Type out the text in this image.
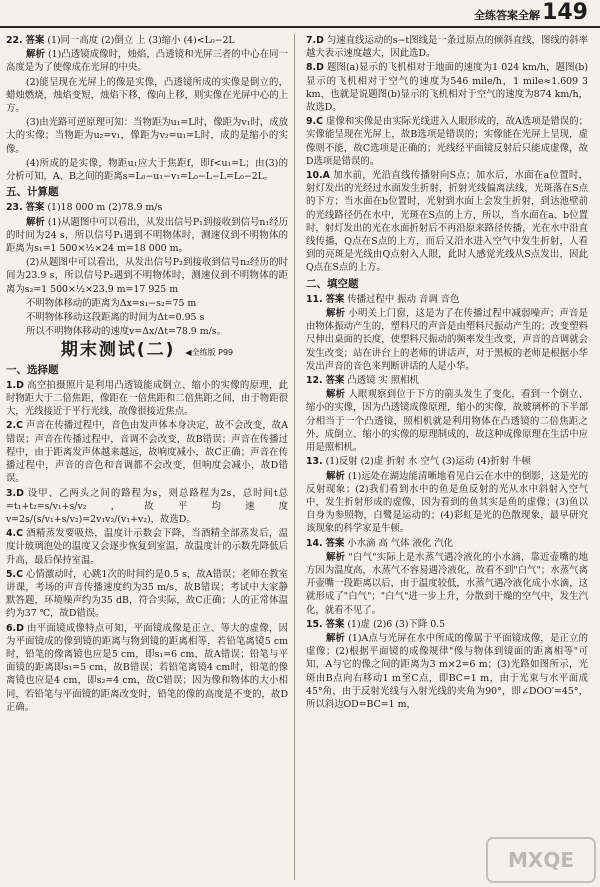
全练答案全解 149

22. 答案 (1)同一高度 (2)倒立 上 (3)缩小 (4)<L₀−2L

解析 (1)凸透镜成像时，烛焰，凸透镜和光屏三者的中心在同一高度是为了使像成在光屏的中央。

(2)能呈现在光屏上的像是实像，凸透镜所成的实像是倒立的，蜡烛燃烧，烛焰变短，烛焰下移，像向上移，则实像在光屏中心的上方。

(3)由光路可逆原理可知：当物距为u₁=L时，像距为v₁时，成放大的实像；当物距为u₂=v₁，像距为v₂=u₁=L时，成的是缩小的实像。

(4)所成的是实像，物距u₁应大于焦距f，即f<u₁=L；由(3)的分析可知，A、B之间的距离s=L₀−u₁−v₁=L₀−L−L=L₀−2L。

五、计算题

23. 答案 (1)18 000 m (2)78.9 m/s

解析 (1)从题图中可以看出，从发出信号P₁到接收到信号n₁经历的时间为24 s，所以信号P₁遇到不明物体时，测速仪到不明物体的距离为s₁=1 500×½×24 m=18 000 m。

(2)从题图中可以看出，从发出信号P₂到接收到信号n₂经历的时间为23.9 s，所以信号P₂遇到不明物体时，测速仪到不明物体的距离为s₂=1 500×½×23.9 m=17 925 m

不明物体移动的距离为Δx=s₁−s₂=75 m

不明物体移动这段距离的时间为Δt=0.95 s

所以不明物体移动的速度v=Δx/Δt=78.9 m/s。

期末测试(二) ◀全练版 P99
一、选择题

1.D 高空拍摄照片是利用凸透镜能成倒立、缩小的实像的原理，此时物距大于二倍焦距，像距在一倍焦距和二倍焦距之间，由于物距很大，光线接近于平行光线，故像很接近焦点。

2.C 声音在传播过程中，音色由发声体本身决定，故不会改变，故A错误；声音在传播过程中，音调不会改变，故B错误；声音在传播过程中，由于距离发声体越来越远，故响度减小，故C正确；声音在传播过程中，声音的音色和音调都不会改变，但响度会减小，故D错误。

3.D 设甲、乙两头之间的路程为s，则总路程为2s，总时间t总=t₁+t₂=s/v₁+s/v₂，故平均速度v=2s/(s/v₁+s/v₂)=2v₁v₂/(v₁+v₂)，故选D。

4.C 酒精蒸发要吸热，温度计示数会下降，当酒精全部蒸发后，温度计玻璃泡处的温度又会逐步恢复到室温，故温度计的示数先降低后升高，最后保持室温。

5.C 心情激动时，心跳1次的时间约是0.5 s，故A错误；老师在教室讲课，考场的声音传播速度约为35 m/s，故B错误；考试中大家静默答题，环境噪声约为35 dB，符合实际，故C正确；人的正常体温约为37 ℃，故D错误。

6.D 由平面镜成像特点可知，平面镜成像是正立、等大的虚像，因为平面镜成的像到镜的距离与物到镜的距离相等，若铅笔离镜5 cm时，铅笔的像离镜也应是5 cm，即s₁=6 cm，故A错误；铅笔与平面镜的距离即s₁=5 cm，故B错误；若铅笔离镜4 cm时，铅笔的像离镜也应是4 cm，即s₂=4 cm，故C错误；因为像和物体的大小相同，若铅笔与平面镜的距离改变时，铅笔的像的高度是不变的，故D正确。

7.D 匀速直线运动的s−t图线是一条过原点的倾斜直线，图线的斜率越大表示速度越大，因此选D。

8.D 题图(a)显示的飞机相对于地面的速度为1 024 km/h，题图(b)显示的飞机相对于空气的速度为546 mile/h，1 mile≈1.609 3 km，也就是说题图(b)显示的飞机相对于空气的速度为874 km/h，故选D。

9.C 虚像和实像是由实际光线进入人眼形成的，故A选项是错误的；实像能呈现在光屏上，故B选项是错误的；实像能在光屏上呈现，虚像则不能，故C选项是正确的；光线经平面镜反射后只能成虚像，故D选项是错误的。

10.A 加水前，光沿直线传播射向S点；加水后，水面在a位置时，射灯发出的光经过水面发生折射，折射光线偏离法线，光斑落在S点的下方；当水面在b位置时，光射到水面上会发生折射，到达池壁前的光线路径仍在水中，光斑在S点的上方，所以，当水面在a、b位置时，射灯发出的光在水面折射后不再沿原来路径传播，光在水中沿直线传播，Q点在S点的上方，而后又沿水进入空气中发生折射，人看到的亮斑是光线由Q点射入人眼，此时人感觉光线从S点发出，因此Q点在S点的上方。

二、填空题

11. 答案 传播过程中 振动 音调 音色

解析 小明关上门窗，这是为了在传播过程中减弱噪声；声音是由物体振动产生的，塑料尺的声音是由塑料尺振动产生的；改变塑料尺伸出桌面的长度，使塑料尺振动的频率发生改变，声音的音调就会发生改变；站在讲台上的老师的讲话声，对于黑板的老师是根据小华发出声音的音色来判断讲话的人是小华。

12. 答案 凸透镜 实 照相机

解析 人眼观察到位于下方的箭头发生了变化，看到一个倒立、缩小的实像，因为凸透镜成像原理，缩小的实像，故玻璃杯的下半部分相当于一个凸透镜，照相机就是利用物体在凸透镜的二倍焦距之外，成倒立、缩小的实像的原理制成的，故这种成像原理在生活中应用是照相机。

13. (1)反射 (2)虚 折射 水 空气 (3)运动 (4)折射 牛顿

解析 (1)远处在湖边能清晰地看见白云在水中的倒影，这是光的反射现象；(2)我们看到水中的鱼是鱼反射的光从水中斜射入空气中，发生折射形成的虚像，因为看到的鱼其实是鱼的虚像；(3)鱼以自身为参照物，白鹭是运动的；(4)彩虹是光的色散现象，最早研究该现象的科学家是牛顿。

14. 答案 小水滴 高 气体 液化 汽化

解析 "白气"实际上是水蒸气遇冷液化的小水滴，靠近壶嘴的地方因为温度高，水蒸气不容易遇冷液化，故看不到"白气"；水蒸气离开壶嘴一段距离以后，由于温度较低，水蒸气遇冷液化成小水滴，这就形成了"白气"；"白气"进一步上升，分散到干燥的空气中，发生汽化，就看不见了。

15. 答案 (1)虚 (2)6 (3)下降 0.5

解析 (1)A点与光屏在水中所成的像属于平面镜成像，是正立的虚像；(2)根据平面镜的成像规律"像与物体到镜面的距离相等"可知，A与它的像之间的距离为3 m×2=6 m；(3)光路如图所示，光斑由B点向右移动1 m至C点，即BC=1 m，由于光束与水平面成45°角，由于反射光线与入射光线的夹角为90°，即∠DOO′=45°，所以斜边OD=BC=1 m，

MXQE
